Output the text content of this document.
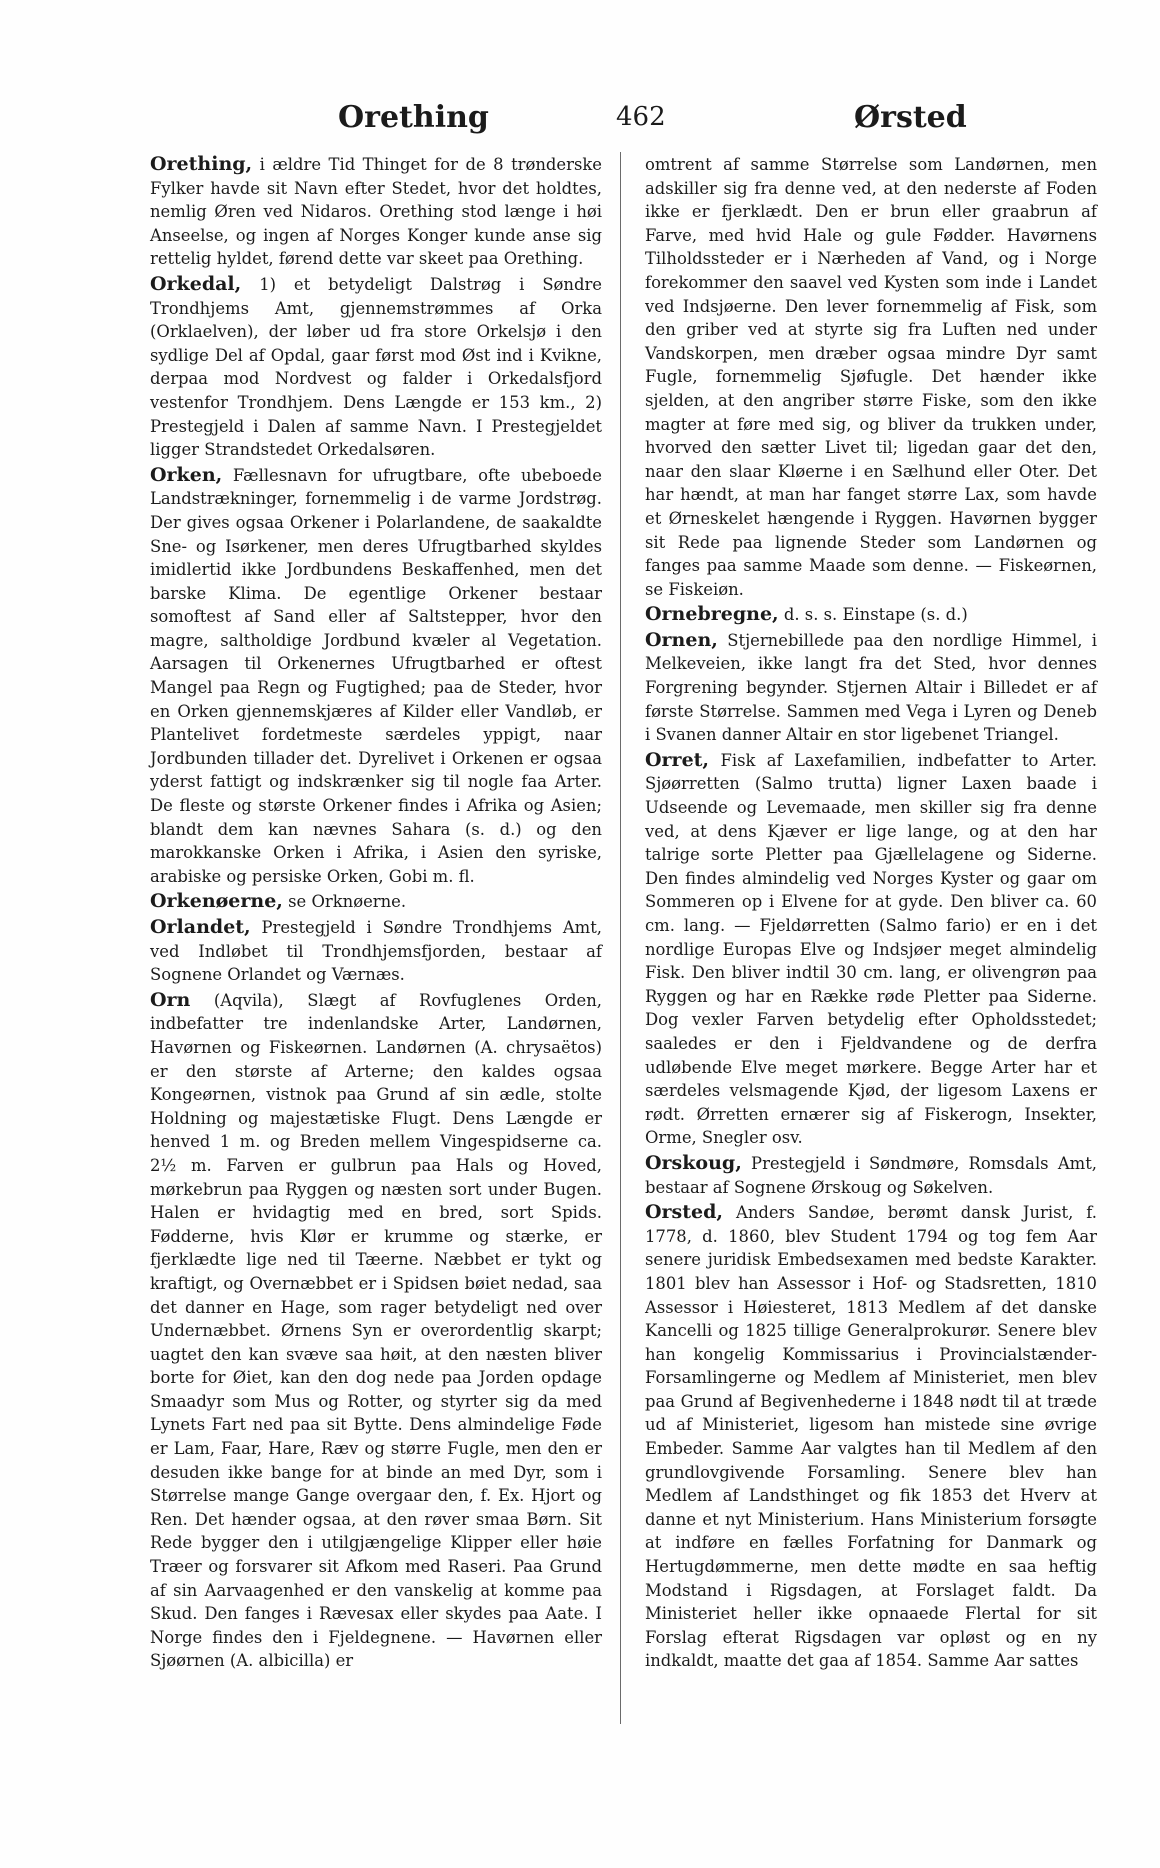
Orething	462	Ørsted

Orething, i ældre Tid Thinget for de 8 trønderske Fylker havde sit Navn efter Stedet, hvor det holdtes, nemlig Øren ved Nidaros. Orething stod længe i høi Anseelse, og ingen af Norges Konger kunde anse sig rettelig hyldet, førend dette var skeet paa Orething.

Orkedal, 1) et betydeligt Dalstrøg i Søndre Trondhjems Amt, gjennemstrømmes af Orka (Orklaelven), der løber ud fra store Orkelsjø i den sydlige Del af Opdal, gaar først mod Øst ind i Kvikne, derpaa mod Nordvest og falder i Orkedalsfjord vestenfor Trondhjem. Dens Længde er 153 km., 2) Prestegjeld i Dalen af samme Navn. I Prestegjeldet ligger Strandstedet Orkedalsøren.

Orken, Fællesnavn for ufrugtbare, ofte ubeboede Landstrækninger, fornemmelig i de varme Jordstrøg. Der gives ogsaa Orkener i Polarlandene, de saakaldte Sne- og Isørkener, men deres Ufrugtbarhed skyldes imidlertid ikke Jordbundens Beskaffenhed, men det barske Klima. De egentlige Orkener bestaar somoftest af Sand eller af Saltstepper, hvor den magre, saltholdige Jordbund kvæler al Vegetation. Aarsagen til Orkenernes Ufrugtbarhed er oftest Mangel paa Regn og Fugtighed; paa de Steder, hvor en Orken gjennemskjæres af Kilder eller Vandløb, er Plantelivet fordetmeste særdeles yppigt, naar Jordbunden tillader det. Dyrelivet i Orkenen er ogsaa yderst fattigt og indskrænker sig til nogle faa Arter. De fleste og største Orkener findes i Afrika og Asien; blandt dem kan nævnes Sahara (s. d.) og den marokkanske Orken i Afrika, i Asien den syriske, arabiske og persiske Orken, Gobi m. fl.

Orkenøerne, se Orknøerne.

Orlandet, Prestegjeld i Søndre Trondhjems Amt, ved Indløbet til Trondhjemsfjorden, bestaar af Sognene Orlandet og Værnæs.

Orn (Aqvila), Slægt af Rovfuglenes Orden, indbefatter tre indenlandske Arter, Landørnen, Havørnen og Fiskeørnen. Landørnen (A. chrysaëtos) er den største af Arterne; den kaldes ogsaa Kongeørnen, vistnok paa Grund af sin ædle, stolte Holdning og majestætiske Flugt. Dens Længde er henved 1 m. og Breden mellem Vingespidserne ca. 2½ m. Farven er gulbrun paa Hals og Hoved, mørkebrun paa Ryggen og næsten sort under Bugen. Halen er hvidagtig med en bred, sort Spids. Fødderne, hvis Klør er krumme og stærke, er fjerklædte lige ned til Tæerne. Næbbet er tykt og kraftigt, og Overnæbbet er i Spidsen bøiet nedad, saa det danner en Hage, som rager betydeligt ned over Undernæbbet. Ørnens Syn er overordentlig skarpt; uagtet den kan svæve saa høit, at den næsten bliver borte for Øiet, kan den dog nede paa Jorden opdage Smaadyr som Mus og Rotter, og styrter sig da med Lynets Fart ned paa sit Bytte. Dens almindelige Føde er Lam, Faar, Hare, Ræv og større Fugle, men den er desuden ikke bange for at binde an med Dyr, som i Størrelse mange Gange overgaar den, f. Ex. Hjort og Ren. Det hænder ogsaa, at den røver smaa Børn. Sit Rede bygger den i utilgjængelige Klipper eller høie Træer og forsvarer sit Afkom med Raseri. Paa Grund af sin Aarvaagenhed er den vanskelig at komme paa Skud. Den fanges i Rævesax eller skydes paa Aate. I Norge findes den i Fjeldegnene. — Havørnen eller Sjøørnen (A. albicilla) er

omtrent af samme Størrelse som Landørnen, men adskiller sig fra denne ved, at den nederste af Foden ikke er fjerklædt. Den er brun eller graabrun af Farve, med hvid Hale og gule Fødder. Havørnens Tilholdssteder er i Nærheden af Vand, og i Norge forekommer den saavel ved Kysten som inde i Landet ved Indsjøerne. Den lever fornemmelig af Fisk, som den griber ved at styrte sig fra Luften ned under Vandskorpen, men dræber ogsaa mindre Dyr samt Fugle, fornemmelig Sjøfugle. Det hænder ikke sjelden, at den angriber større Fiske, som den ikke magter at føre med sig, og bliver da trukken under, hvorved den sætter Livet til; ligedan gaar det den, naar den slaar Kløerne i en Sælhund eller Oter. Det har hændt, at man har fanget større Lax, som havde et Ørneskelet hængende i Ryggen. Havørnen bygger sit Rede paa lignende Steder som Landørnen og fanges paa samme Maade som denne. — Fiskeørnen, se Fiskeiøn.

Ornebregne, d. s. s. Einstape (s. d.)

Ornen, Stjernebillede paa den nordlige Himmel, i Melkeveien, ikke langt fra det Sted, hvor dennes Forgrening begynder. Stjernen Altair i Billedet er af første Størrelse. Sammen med Vega i Lyren og Deneb i Svanen danner Altair en stor ligebenet Triangel.

Orret, Fisk af Laxefamilien, indbefatter to Arter. Sjøørretten (Salmo trutta) ligner Laxen baade i Udseende og Levemaade, men skiller sig fra denne ved, at dens Kjæver er lige lange, og at den har talrige sorte Pletter paa Gjællelagene og Siderne. Den findes almindelig ved Norges Kyster og gaar om Sommeren op i Elvene for at gyde. Den bliver ca. 60 cm. lang. — Fjeldørretten (Salmo fario) er en i det nordlige Europas Elve og Indsjøer meget almindelig Fisk. Den bliver indtil 30 cm. lang, er olivengrøn paa Ryggen og har en Række røde Pletter paa Siderne. Dog vexler Farven betydelig efter Opholdsstedet; saaledes er den i Fjeldvandene og de derfra udløbende Elve meget mørkere. Begge Arter har et særdeles velsmagende Kjød, der ligesom Laxens er rødt. Ørretten ernærer sig af Fiskerogn, Insekter, Orme, Snegler osv.

Orskoug, Prestegjeld i Søndmøre, Romsdals Amt, bestaar af Sognene Ørskoug og Søkelven.

Orsted, Anders Sandøe, berømt dansk Jurist, f. 1778, d. 1860, blev Student 1794 og tog fem Aar senere juridisk Embedsexamen med bedste Karakter. 1801 blev han Assessor i Hof- og Stadsretten, 1810 Assessor i Høiesteret, 1813 Medlem af det danske Kancelli og 1825 tillige Generalprokurør. Senere blev han kongelig Kommissarius i Provincialstænder-Forsamlingerne og Medlem af Ministeriet, men blev paa Grund af Begivenhederne i 1848 nødt til at træde ud af Ministeriet, ligesom han mistede sine øvrige Embeder. Samme Aar valgtes han til Medlem af den grundlovgivende Forsamling. Senere blev han Medlem af Landsthinget og fik 1853 det Hverv at danne et nyt Ministerium. Hans Ministerium forsøgte at indføre en fælles Forfatning for Danmark og Hertugdømmerne, men dette mødte en saa heftig Modstand i Rigsdagen, at Forslaget faldt. Da Ministeriet heller ikke opnaaede Flertal for sit Forslag efterat Rigsdagen var opløst og en ny indkaldt, maatte det gaa af 1854. Samme Aar sattes
